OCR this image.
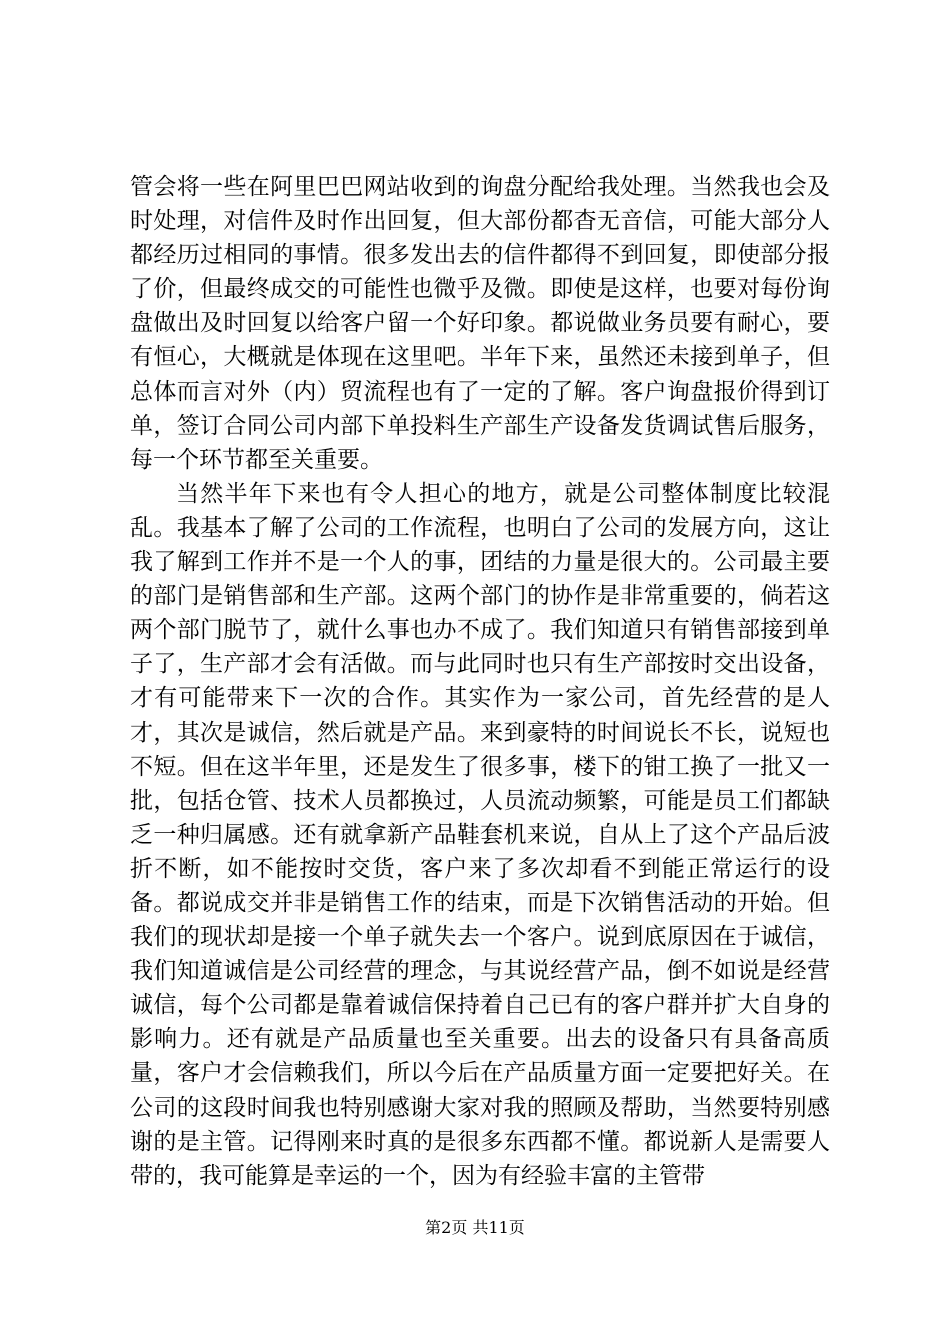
管会将一些在阿里巴巴网站收到的询盘分配给我处理。当然我也会及时处理，对信件及时作出回复，但大部份都杳无音信，可能大部分人都经历过相同的事情。很多发出去的信件都得不到回复，即使部分报了价，但最终成交的可能性也微乎及微。即使是这样，也要对每份询盘做出及时回复以给客户留一个好印象。都说做业务员要有耐心，要有恒心，大概就是体现在这里吧。半年下来，虽然还未接到单子，但总体而言对外（内）贸流程也有了一定的了解。客户询盘报价得到订单，签订合同公司内部下单投料生产部生产设备发货调试售后服务，每一个环节都至关重要。

当然半年下来也有令人担心的地方，就是公司整体制度比较混乱。我基本了解了公司的工作流程，也明白了公司的发展方向，这让我了解到工作并不是一个人的事，团结的力量是很大的。公司最主要的部门是销售部和生产部。这两个部门的协作是非常重要的，倘若这两个部门脱节了，就什么事也办不成了。我们知道只有销售部接到单子了，生产部才会有活做。而与此同时也只有生产部按时交出设备，才有可能带来下一次的合作。其实作为一家公司，首先经营的是人才，其次是诚信，然后就是产品。来到豪特的时间说长不长，说短也不短。但在这半年里，还是发生了很多事，楼下的钳工换了一批又一批，包括仓管、技术人员都换过，人员流动频繁，可能是员工们都缺乏一种归属感。还有就拿新产品鞋套机来说，自从上了这个产品后波折不断，如不能按时交货，客户来了多次却看不到能正常运行的设备。都说成交并非是销售工作的结束，而是下次销售活动的开始。但我们的现状却是接一个单子就失去一个客户。说到底原因在于诚信，我们知道诚信是公司经营的理念，与其说经营产品，倒不如说是经营诚信，每个公司都是靠着诚信保持着自己已有的客户群并扩大自身的影响力。还有就是产品质量也至关重要。出去的设备只有具备高质量，客户才会信赖我们，所以今后在产品质量方面一定要把好关。在公司的这段时间我也特别感谢大家对我的照顾及帮助，当然要特别感谢的是主管。记得刚来时真的是很多东西都不懂。都说新人是需要人带的，我可能算是幸运的一个，因为有经验丰富的主管带

第2页 共11页
